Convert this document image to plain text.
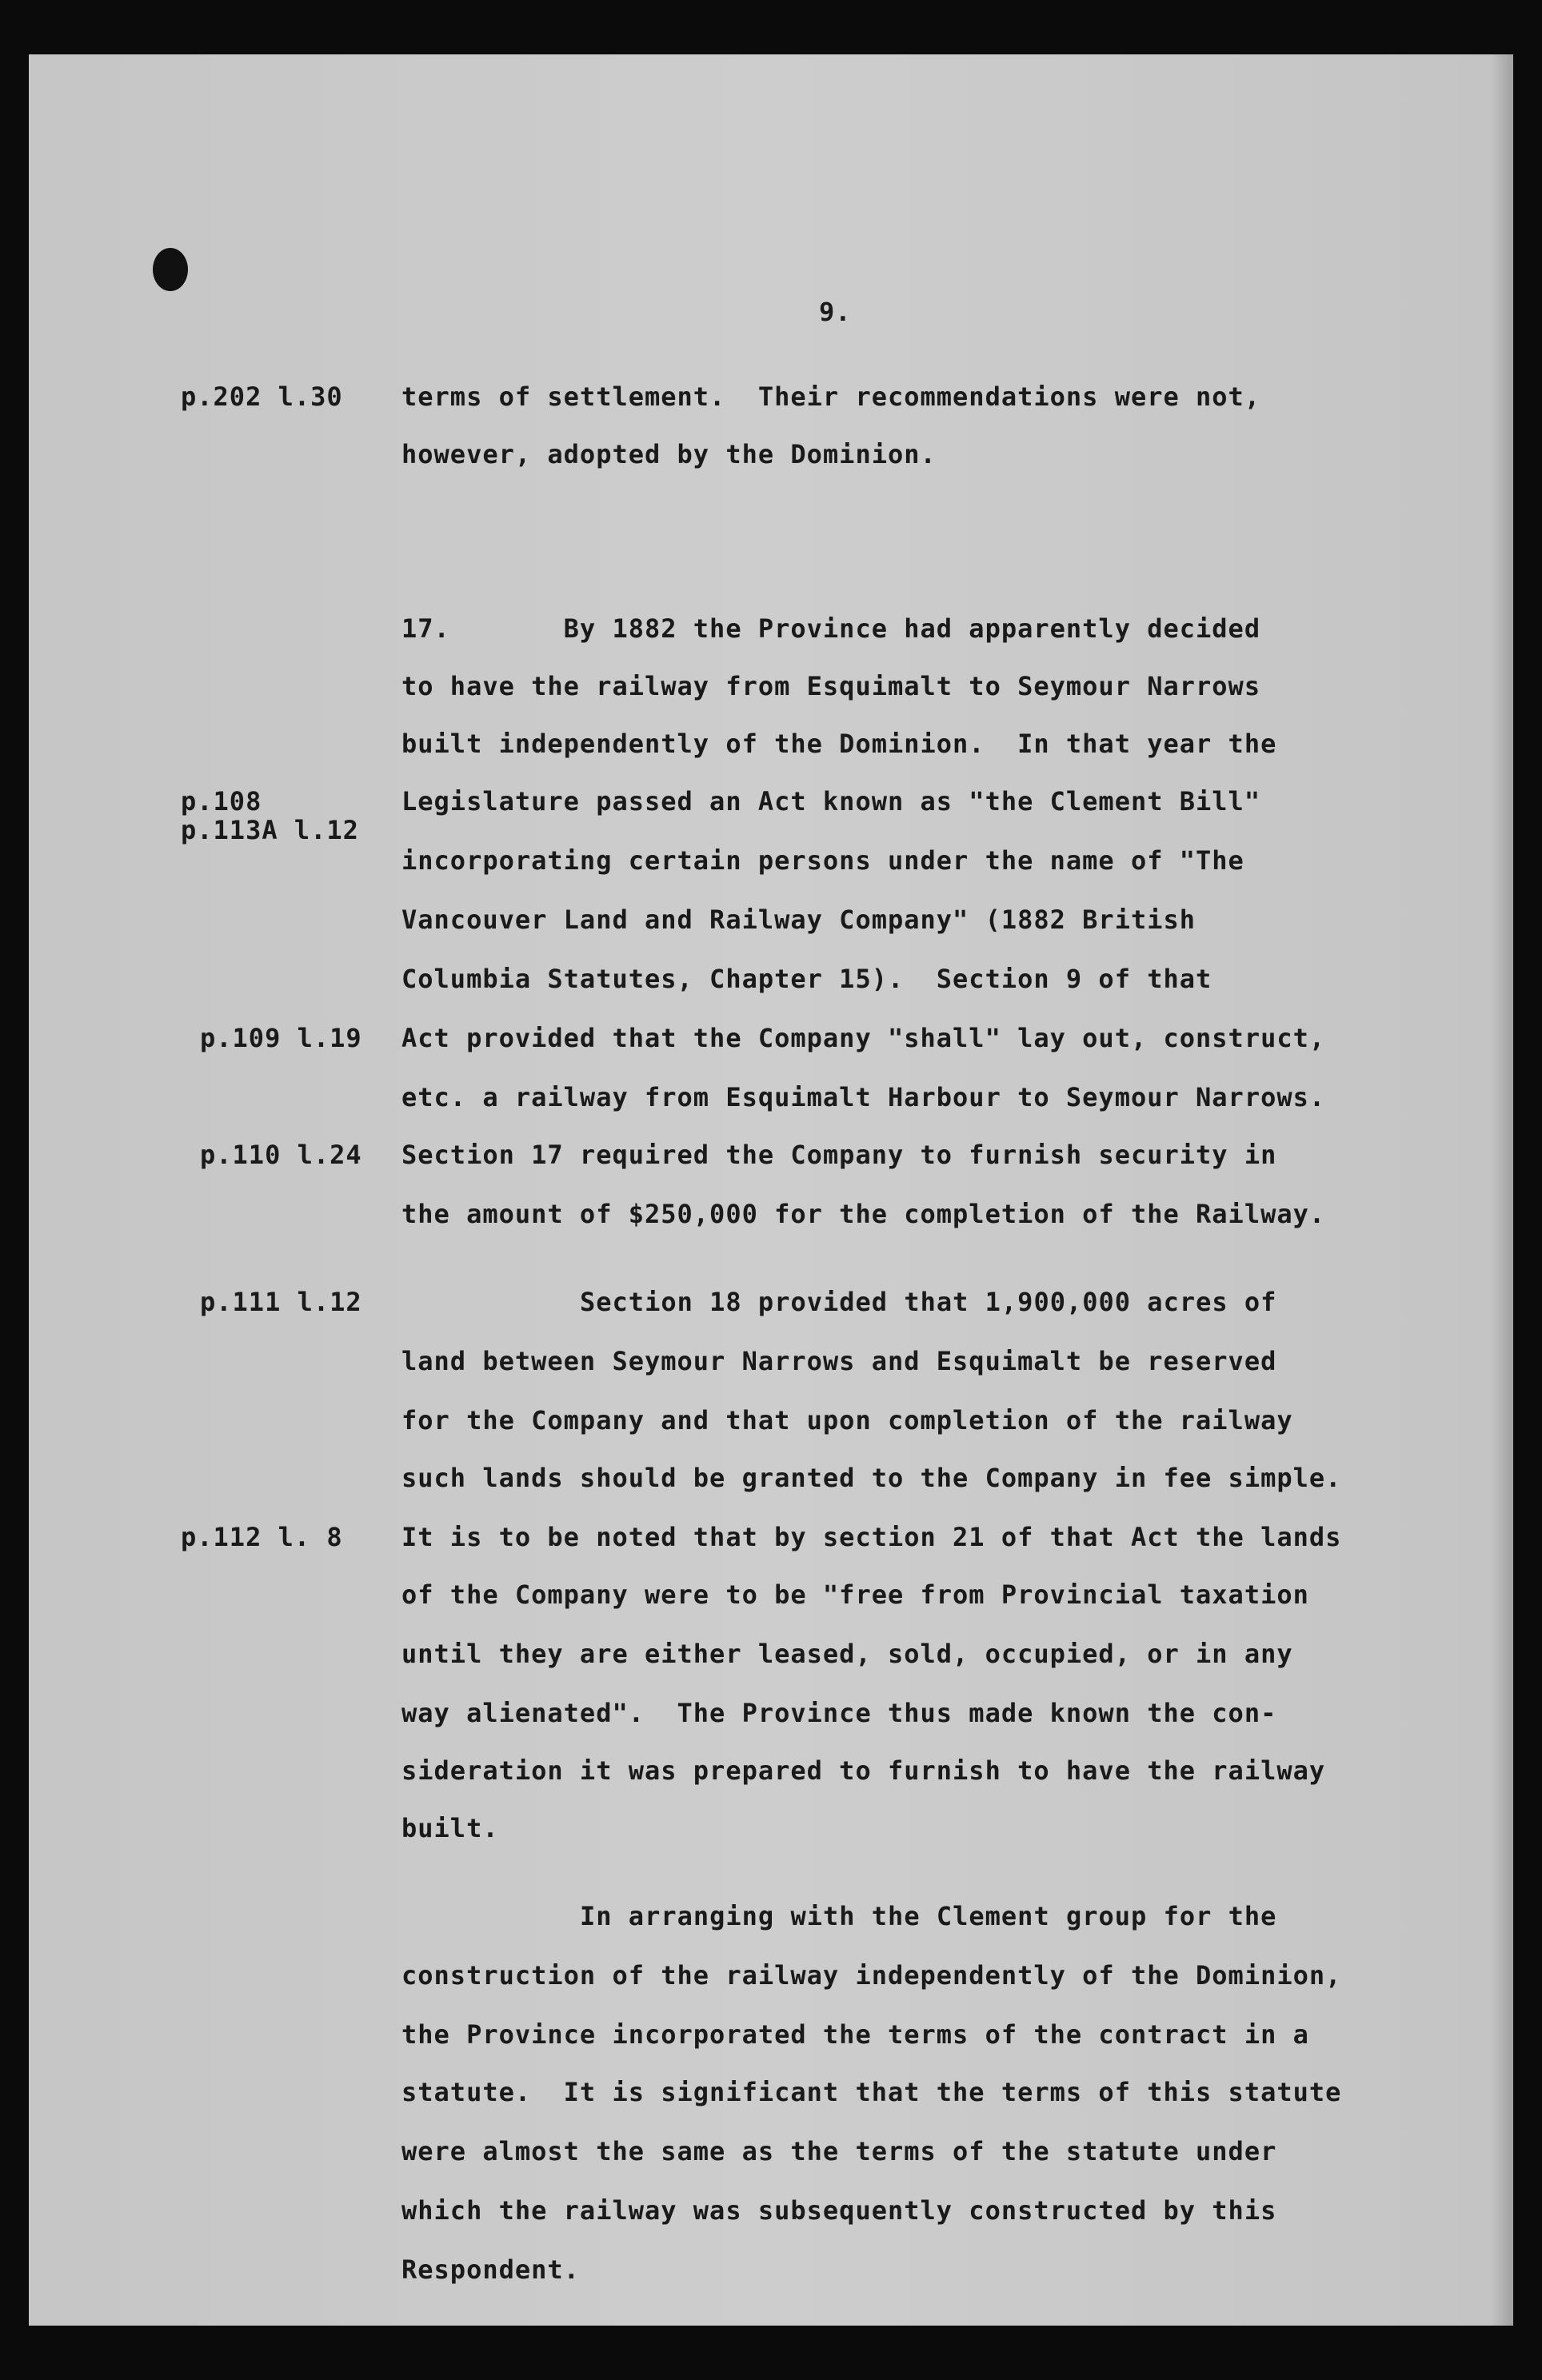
9.
p.202 l.30
p.108
p.113A l.12
p.109 l.19
p.110 l.24
p.111 l.12
p.112 l. 8
terms of settlement.  Their recommendations were not,
however, adopted by the Dominion.
17.       By 1882 the Province had apparently decided
to have the railway from Esquimalt to Seymour Narrows
built independently of the Dominion.  In that year the
Legislature passed an Act known as "the Clement Bill"
incorporating certain persons under the name of "The
Vancouver Land and Railway Company" (1882 British
Columbia Statutes, Chapter 15).  Section 9 of that
Act provided that the Company "shall" lay out, construct,
etc. a railway from Esquimalt Harbour to Seymour Narrows.
Section 17 required the Company to furnish security in
the amount of $250,000 for the completion of the Railway.
Section 18 provided that 1,900,000 acres of
land between Seymour Narrows and Esquimalt be reserved
for the Company and that upon completion of the railway
such lands should be granted to the Company in fee simple.
It is to be noted that by section 21 of that Act the lands
of the Company were to be "free from Provincial taxation
until they are either leased, sold, occupied, or in any
way alienated".  The Province thus made known the con-
sideration it was prepared to furnish to have the railway
built.
In arranging with the Clement group for the
construction of the railway independently of the Dominion,
the Province incorporated the terms of the contract in a
statute.  It is significant that the terms of this statute
were almost the same as the terms of the statute under
which the railway was subsequently constructed by this
Respondent.
